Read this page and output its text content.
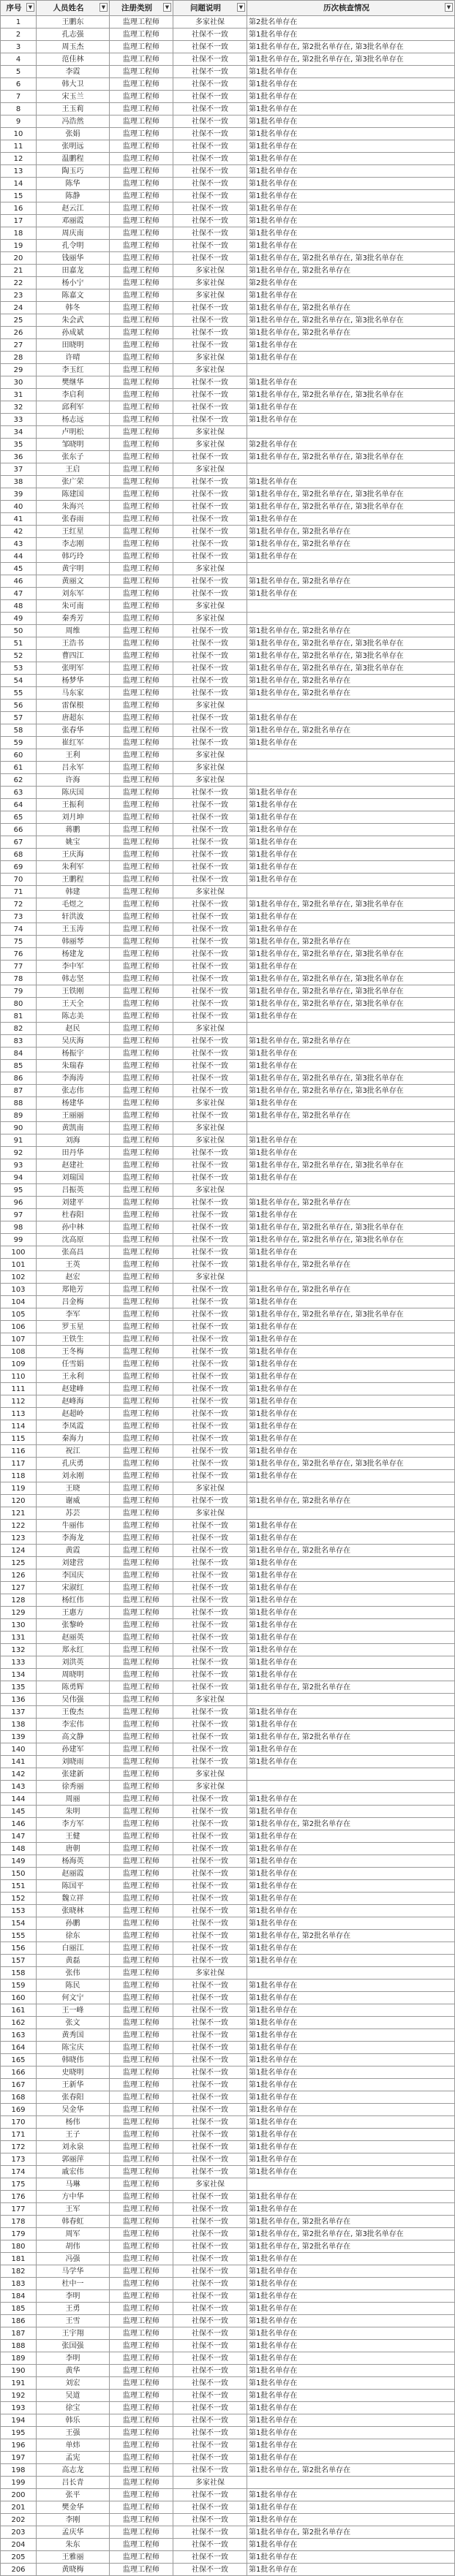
序号 ▼	人员姓名 ▼	注册类别 ▼	问题说明 ▼	历次核查情况 ▼

1	王鹏东	监理工程师	多家社保	第2批名单存在
2	孔志强	监理工程师	社保不一致	第1批名单存在
3	周玉杰	监理工程师	社保不一致	第1批名单存在, 第2批名单存在, 第3批名单存在
4	范佳林	监理工程师	社保不一致	第1批名单存在, 第2批名单存在, 第3批名单存在
5	李霞	监理工程师	社保不一致	第1批名单存在
6	韩大卫	监理工程师	社保不一致	第1批名单存在
7	宋玉兰	监理工程师	社保不一致	第1批名单存在
8	王玉莉	监理工程师	社保不一致	第1批名单存在
9	冯浩然	监理工程师	社保不一致	第1批名单存在
10	张娟	监理工程师	社保不一致	第1批名单存在
11	张明远	监理工程师	社保不一致	第1批名单存在
12	温鹏程	监理工程师	社保不一致	第1批名单存在
13	陶玉巧	监理工程师	社保不一致	第1批名单存在
14	陈华	监理工程师	社保不一致	第1批名单存在
15	陈静	监理工程师	社保不一致	第1批名单存在
16	赵云江	监理工程师	社保不一致	第1批名单存在
17	邓丽霞	监理工程师	社保不一致	第1批名单存在
18	周庆南	监理工程师	社保不一致	第1批名单存在
19	孔令明	监理工程师	社保不一致	第1批名单存在
20	钱丽华	监理工程师	社保不一致	第1批名单存在, 第2批名单存在, 第3批名单存在
21	田嘉龙	监理工程师	多家社保	第1批名单存在, 第2批名单存在
22	杨小宁	监理工程师	多家社保	第2批名单存在
23	陈嘉文	监理工程师	多家社保	第1批名单存在
24	韩冬	监理工程师	社保不一致	第1批名单存在, 第2批名单存在
25	朱会武	监理工程师	社保不一致	第1批名单存在, 第2批名单存在, 第3批名单存在
26	孙成斌	监理工程师	社保不一致	第1批名单存在, 第2批名单存在
27	田晓明	监理工程师	社保不一致	第1批名单存在
28	许晴	监理工程师	多家社保	第1批名单存在
29	李玉红	监理工程师	多家社保	
30	樊继华	监理工程师	社保不一致	第1批名单存在
31	李启利	监理工程师	社保不一致	第1批名单存在, 第2批名单存在, 第3批名单存在
32	邱利军	监理工程师	社保不一致	第1批名单存在
33	杨志远	监理工程师	社保不一致	第1批名单存在
34	卢明松	监理工程师	多家社保	
35	邹晓明	监理工程师	多家社保	第2批名单存在
36	张东子	监理工程师	社保不一致	第1批名单存在, 第2批名单存在, 第3批名单存在
37	王启	监理工程师	多家社保	
38	张广荣	监理工程师	社保不一致	第1批名单存在
39	陈建国	监理工程师	社保不一致	第1批名单存在, 第2批名单存在, 第3批名单存在
40	朱海兴	监理工程师	社保不一致	第1批名单存在, 第2批名单存在, 第3批名单存在
41	张春雨	监理工程师	社保不一致	第1批名单存在
42	王红星	监理工程师	社保不一致	第1批名单存在, 第2批名单存在
43	李志刚	监理工程师	社保不一致	第1批名单存在, 第2批名单存在
44	韩巧玲	监理工程师	社保不一致	第1批名单存在
45	黄宇明	监理工程师	多家社保	
46	黄丽文	监理工程师	社保不一致	第1批名单存在, 第2批名单存在
47	刘东军	监理工程师	社保不一致	第1批名单存在
48	朱可南	监理工程师	多家社保	
49	秦秀芳	监理工程师	多家社保	
50	周维	监理工程师	社保不一致	第1批名单存在, 第2批名单存在
51	王浩书	监理工程师	社保不一致	第1批名单存在, 第2批名单存在, 第3批名单存在
52	曹四江	监理工程师	社保不一致	第1批名单存在, 第2批名单存在, 第3批名单存在
53	张明军	监理工程师	社保不一致	第1批名单存在, 第2批名单存在, 第3批名单存在
54	杨梦华	监理工程师	社保不一致	第1批名单存在, 第2批名单存在
55	马东家	监理工程师	社保不一致	第1批名单存在, 第2批名单存在
56	雷保根	监理工程师	多家社保	
57	唐超东	监理工程师	社保不一致	第1批名单存在
58	张春华	监理工程师	社保不一致	第1批名单存在, 第2批名单存在
59	崔红军	监理工程师	社保不一致	第1批名单存在
60	王利	监理工程师	多家社保	
61	吕永军	监理工程师	多家社保	
62	许海	监理工程师	多家社保	
63	陈庆国	监理工程师	社保不一致	第1批名单存在
64	王振利	监理工程师	社保不一致	第1批名单存在
65	刘月坤	监理工程师	社保不一致	第1批名单存在
66	蒋鹏	监理工程师	社保不一致	第1批名单存在
67	姚宝	监理工程师	社保不一致	第1批名单存在
68	王庆海	监理工程师	社保不一致	第1批名单存在
69	朱利军	监理工程师	社保不一致	第1批名单存在
70	王鹏程	监理工程师	社保不一致	第1批名单存在
71	韩建	监理工程师	多家社保	
72	毛煜之	监理工程师	社保不一致	第1批名单存在, 第2批名单存在, 第3批名单存在
73	轩洪波	监理工程师	社保不一致	第1批名单存在
74	王玉涛	监理工程师	社保不一致	第1批名单存在
75	韩丽琴	监理工程师	社保不一致	第1批名单存在, 第2批名单存在
76	杨建龙	监理工程师	社保不一致	第1批名单存在, 第2批名单存在, 第3批名单存在
77	李中军	监理工程师	社保不一致	第1批名单存在
78	韩志坚	监理工程师	社保不一致	第1批名单存在, 第2批名单存在, 第3批名单存在
79	王铁刚	监理工程师	社保不一致	第1批名单存在, 第2批名单存在, 第3批名单存在
80	王天全	监理工程师	社保不一致	第1批名单存在, 第2批名单存在, 第3批名单存在
81	陈志美	监理工程师	社保不一致	第1批名单存在
82	赵民	监理工程师	多家社保	
83	吴庆海	监理工程师	社保不一致	第1批名单存在, 第2批名单存在
84	杨振宇	监理工程师	社保不一致	第1批名单存在
85	朱瑞春	监理工程师	社保不一致	第1批名单存在
86	李海涛	监理工程师	社保不一致	第1批名单存在, 第2批名单存在, 第3批名单存在
87	张志伟	监理工程师	社保不一致	第1批名单存在, 第2批名单存在, 第3批名单存在
88	杨建华	监理工程师	多家社保	第1批名单存在
89	王丽丽	监理工程师	社保不一致	第1批名单存在, 第2批名单存在
90	黄凯南	监理工程师	多家社保	
91	刘海	监理工程师	多家社保	第1批名单存在
92	田丹华	监理工程师	社保不一致	第1批名单存在
93	赵建社	监理工程师	社保不一致	第1批名单存在, 第2批名单存在, 第3批名单存在
94	刘瑞国	监理工程师	社保不一致	第1批名单存在
95	吕振英	监理工程师	多家社保	
96	刘建平	监理工程师	社保不一致	第1批名单存在, 第2批名单存在
97	杜春阳	监理工程师	社保不一致	第1批名单存在
98	孙中林	监理工程师	社保不一致	第1批名单存在, 第2批名单存在, 第3批名单存在
99	沈高原	监理工程师	社保不一致	第1批名单存在, 第2批名单存在, 第3批名单存在
100	张高昌	监理工程师	社保不一致	第1批名单存在
101	王英	监理工程师	社保不一致	第1批名单存在, 第2批名单存在
102	赵宏	监理工程师	多家社保	
103	郑艳芳	监理工程师	社保不一致	第1批名单存在, 第2批名单存在
104	吕金梅	监理工程师	社保不一致	第1批名单存在
105	李军	监理工程师	社保不一致	第1批名单存在, 第2批名单存在, 第3批名单存在
106	罗玉星	监理工程师	社保不一致	第1批名单存在
107	王铁生	监理工程师	社保不一致	第1批名单存在
108	王冬梅	监理工程师	社保不一致	第1批名单存在
109	任雪娟	监理工程师	社保不一致	第1批名单存在
110	王永利	监理工程师	社保不一致	第1批名单存在
111	赵建峰	监理工程师	社保不一致	第1批名单存在
112	赵峰海	监理工程师	社保不一致	第1批名单存在
113	赵超岭	监理工程师	社保不一致	第1批名单存在
114	李凤霞	监理工程师	社保不一致	第1批名单存在
115	秦海力	监理工程师	社保不一致	第1批名单存在
116	祝江	监理工程师	社保不一致	第1批名单存在
117	孔庆勇	监理工程师	社保不一致	第1批名单存在, 第2批名单存在, 第3批名单存在
118	刘永刚	监理工程师	社保不一致	第1批名单存在
119	王晓	监理工程师	多家社保	
120	谢威	监理工程师	社保不一致	第1批名单存在, 第2批名单存在
121	苏芸	监理工程师	多家社保	
122	牛丽伟	监理工程师	社保不一致	第1批名单存在
123	李海龙	监理工程师	社保不一致	第1批名单存在
124	黄霞	监理工程师	社保不一致	第1批名单存在, 第2批名单存在
125	刘建营	监理工程师	社保不一致	第1批名单存在
126	李国庆	监理工程师	社保不一致	第1批名单存在
127	宋淑红	监理工程师	社保不一致	第1批名单存在
128	杨红伟	监理工程师	社保不一致	第1批名单存在
129	王惠方	监理工程师	社保不一致	第1批名单存在
130	张黎岭	监理工程师	社保不一致	第1批名单存在
131	赵丽英	监理工程师	社保不一致	第1批名单存在
132	郑永红	监理工程师	社保不一致	第1批名单存在
133	刘洪英	监理工程师	社保不一致	第1批名单存在
134	周晓明	监理工程师	社保不一致	第1批名单存在
135	陈勇辉	监理工程师	社保不一致	第1批名单存在, 第2批名单存在
136	吴伟强	监理工程师	多家社保	
137	王俊杰	监理工程师	社保不一致	第1批名单存在
138	李宏伟	监理工程师	社保不一致	第1批名单存在
139	高文静	监理工程师	社保不一致	第1批名单存在, 第2批名单存在
140	孙建军	监理工程师	社保不一致	第1批名单存在
141	刘晓雨	监理工程师	社保不一致	第1批名单存在
142	张建新	监理工程师	多家社保	
143	徐秀丽	监理工程师	多家社保	
144	周丽	监理工程师	社保不一致	第1批名单存在
145	朱明	监理工程师	社保不一致	第1批名单存在
146	李方军	监理工程师	社保不一致	第1批名单存在, 第2批名单存在
147	王健	监理工程师	社保不一致	第1批名单存在
148	唐朝	监理工程师	社保不一致	第1批名单存在
149	杨海英	监理工程师	社保不一致	第1批名单存在
150	赵丽霞	监理工程师	社保不一致	第1批名单存在
151	陈国平	监理工程师	社保不一致	第1批名单存在
152	魏立祥	监理工程师	社保不一致	第1批名单存在
153	张晓林	监理工程师	社保不一致	第1批名单存在
154	孙鹏	监理工程师	社保不一致	第1批名单存在
155	徐东	监理工程师	社保不一致	第1批名单存在, 第2批名单存在
156	白丽江	监理工程师	社保不一致	第1批名单存在
157	黄磊	监理工程师	社保不一致	第1批名单存在
158	张伟	监理工程师	多家社保	
159	陈民	监理工程师	社保不一致	第1批名单存在
160	何文宁	监理工程师	社保不一致	第1批名单存在
161	王一峰	监理工程师	社保不一致	第1批名单存在
162	张文	监理工程师	社保不一致	第1批名单存在
163	黄秀国	监理工程师	社保不一致	第1批名单存在
164	陈宝庆	监理工程师	社保不一致	第1批名单存在
165	韩晓伟	监理工程师	社保不一致	第1批名单存在
166	史晓明	监理工程师	社保不一致	第1批名单存在
167	王新华	监理工程师	社保不一致	第1批名单存在
168	张春阳	监理工程师	社保不一致	第1批名单存在
169	吴金华	监理工程师	社保不一致	第1批名单存在
170	杨伟	监理工程师	社保不一致	第1批名单存在
171	王子	监理工程师	社保不一致	第1批名单存在
172	刘永泉	监理工程师	社保不一致	第1批名单存在
173	郭丽萍	监理工程师	社保不一致	第1批名单存在
174	戚宏伟	监理工程师	社保不一致	第1批名单存在
175	马琳	监理工程师	多家社保	
176	方中华	监理工程师	社保不一致	第1批名单存在
177	王军	监理工程师	社保不一致	第1批名单存在
178	韩春虹	监理工程师	社保不一致	第1批名单存在, 第2批名单存在
179	周军	监理工程师	社保不一致	第1批名单存在, 第2批名单存在, 第3批名单存在
180	胡伟	监理工程师	社保不一致	第1批名单存在, 第2批名单存在
181	冯强	监理工程师	社保不一致	第1批名单存在
182	马学华	监理工程师	社保不一致	第1批名单存在
183	杜中一	监理工程师	社保不一致	第1批名单存在
184	李明	监理工程师	社保不一致	第1批名单存在
185	王勇	监理工程师	社保不一致	第1批名单存在
186	王雪	监理工程师	社保不一致	第1批名单存在
187	王宇翔	监理工程师	社保不一致	第1批名单存在
188	张国强	监理工程师	社保不一致	第1批名单存在
189	李明	监理工程师	社保不一致	第1批名单存在
190	黄华	监理工程师	社保不一致	第1批名单存在
191	刘宏	监理工程师	社保不一致	第1批名单存在
192	吴道	监理工程师	社保不一致	第1批名单存在
193	徐宝	监理工程师	社保不一致	第1批名单存在
194	韩乐	监理工程师	社保不一致	第1批名单存在
195	王强	监理工程师	社保不一致	第1批名单存在
196	单炜	监理工程师	社保不一致	第1批名单存在
197	孟宪	监理工程师	社保不一致	第1批名单存在
198	高志龙	监理工程师	社保不一致	第1批名单存在, 第2批名单存在
199	吕长青	监理工程师	多家社保	
200	张平	监理工程师	社保不一致	第1批名单存在
201	樊金华	监理工程师	社保不一致	第1批名单存在
202	李刚	监理工程师	社保不一致	第1批名单存在
203	孟庆华	监理工程师	社保不一致	第1批名单存在, 第2批名单存在
204	朱东	监理工程师	社保不一致	第1批名单存在
205	王雅丽	监理工程师	社保不一致	第1批名单存在
206	黄晓梅	监理工程师	社保不一致	第1批名单存在
